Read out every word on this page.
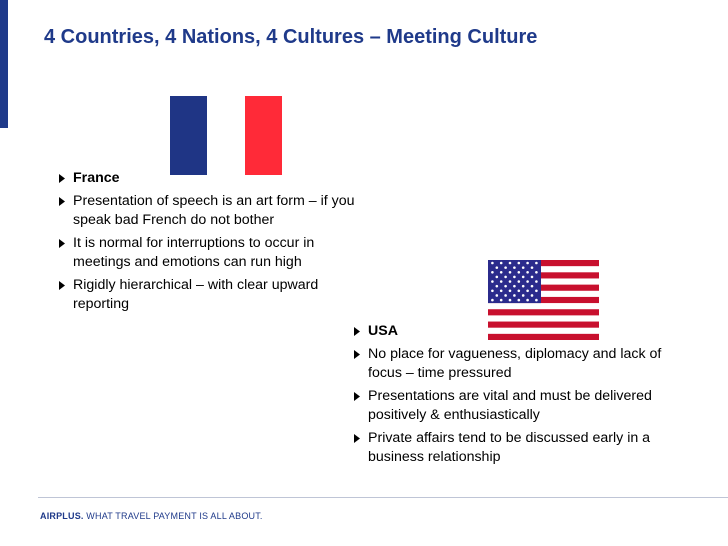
4 Countries, 4 Nations, 4 Cultures – Meeting Culture
France
Presentation of speech is an art form – if you speak bad French do not bother
It is normal for interruptions to occur in meetings and emotions can run high
Rigidly hierarchical – with clear upward reporting
USA
No place for vagueness, diplomacy and lack of focus – time pressured
Presentations are vital and must be delivered positively & enthusiastically
Private affairs tend to be discussed early in a business relationship
AIRPLUS. WHAT TRAVEL PAYMENT IS ALL ABOUT.
